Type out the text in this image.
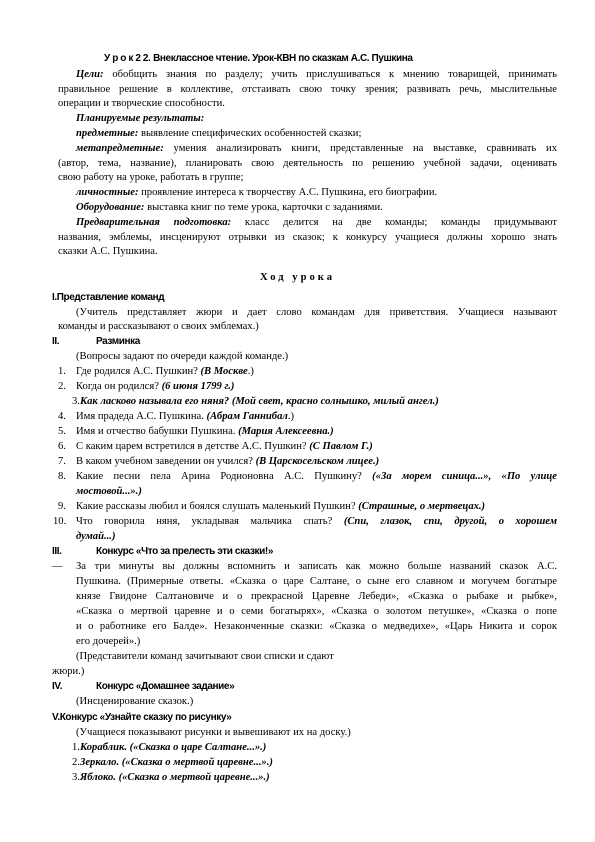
У р о к 2 2. Внеклассное чтение. Урок-КВН по сказкам А.С. Пушкина
Цели: обобщить знания по разделу; учить прислушиваться к мнению товарищей, принимать
правильное решение в коллективе, отстаивать свою точку зрения; развивать речь, мыслительные
операции и творческие способности.
Планируемые результаты:
предметные: выявление специфических особенностей сказки;
метапредметные: умения анализировать книги, представленные на выставке, сравнивать их
(автор, тема, название), планировать свою деятельность по решению учебной задачи, оценивать
свою работу на уроке, работать в группе;
личностные: проявление интереса к творчеству А.С. Пушкина, его биографии.
Оборудование: выставка книг по теме урока, карточки с заданиями.
Предварительная подготовка: класс делится на две команды; команды придумывают
названия, эмблемы, инсценируют отрывки из сказок; к конкурсу учащиеся должны хорошо знать
сказки А.С. Пушкина.
Ход урока
I.Представление команд
(Учитель представляет жюри и дает слово командам для приветствия. Учащиеся называют
команды и рассказывают о своих эмблемах.)
II.	Разминка
(Вопросы задают по очереди каждой команде.)
1. Где родился А.С. Пушкин? (В Москве.)
2. Когда он родился? (6 июня 1799 г.)
3.Как ласково называла его няня? (Мой свет, красно солнышко, милый ангел.)
4. Имя прадеда А.С. Пушкина. (Абрам Ганнибал.)
5. Имя и отчество бабушки Пушкина. (Мария Алексеевна.)
6. С каким царем встретился в детстве А.С. Пушкин? (С Павлом Г.)
7. В каком учебном заведении он учился? (В Царскосельском лицее.)
8. Какие песни пела Арина Родионовна А.С. Пушкину? («За морем синица...», «По улице
мостовой...».)
9. Какие рассказы любил и боялся слушать маленький Пушкин? (Страшные, о мертвецах.)
10. Что говорила няня, укладывая мальчика спать? (Спи, глазок, спи, другой, о хорошем
думай...)
III.	Конкурс «Что за прелесть эти сказки!»
— За три минуты вы должны вспомнить и записать как можно больше названий сказок А.С.
Пушкина. (Примерные ответы. «Сказка о царе Салтане, о сыне его славном и могучем богатыре
князе Гвидоне Салтановиче и о прекрасной Царевне Лебеди», «Сказка о рыбаке и рыбке»,
«Сказка о мертвой царевне и о семи богатырях», «Сказка о золотом петушке», «Сказка о попе
и о работнике его Балде». Незаконченные сказки: «Сказка о медведихе», «Царь Никита и сорок
его дочерей».)
(Представители команд зачитывают свои списки и сдают
жюри.)
IV.	Конкурс «Домашнее задание»
(Инсценирование сказок.)
V.Конкурс «Узнайте сказку по рисунку»
(Учащиеся показывают рисунки и вывешивают их на доску.)
1.Кораблик. («Сказка о царе Салтане...».)
2.Зеркало. («Сказка о мертвой царевне...».)
3.Яблоко. («Сказка о мертвой царевне...».)
